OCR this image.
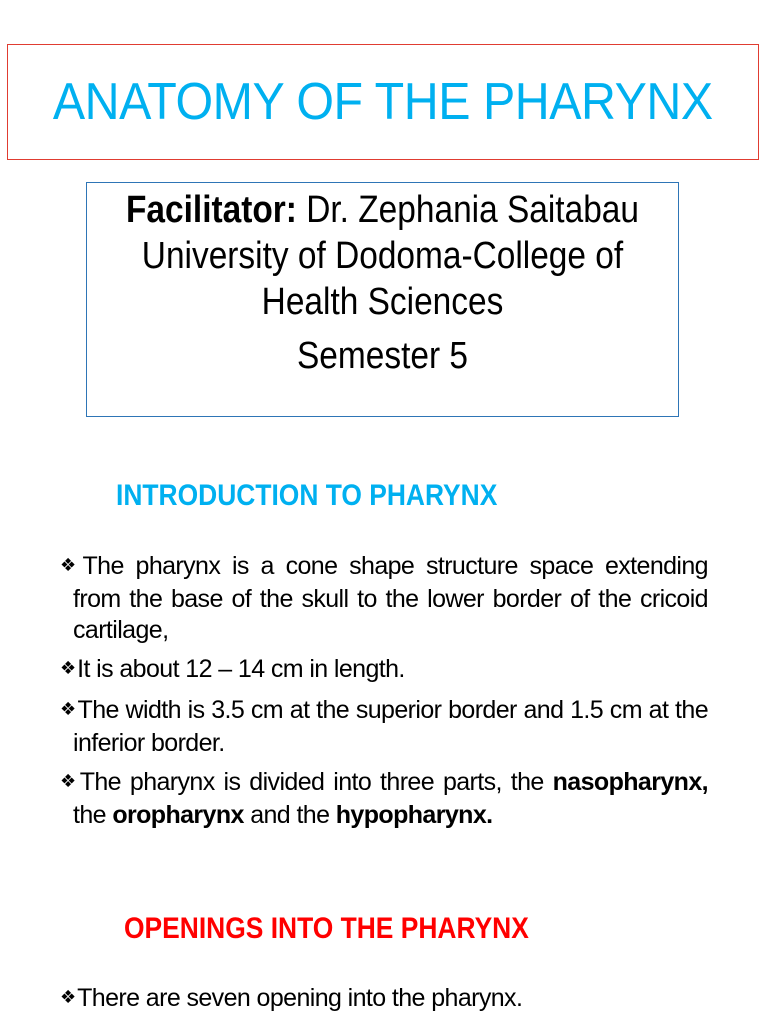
ANATOMY OF THE PHARYNX
Facilitator: Dr. Zephania Saitabau
University of Dodoma-College of
Health Sciences
Semester 5
INTRODUCTION TO PHARYNX
❖The pharynx is a cone shape structure space extending from the base of the skull to the lower border of the cricoid cartilage,
❖It is about 12 – 14 cm in length.
❖The width is 3.5 cm at the superior border and 1.5 cm at the inferior border.
❖The pharynx is divided into three parts, the nasopharynx, the oropharynx and the hypopharynx.
OPENINGS INTO THE PHARYNX
❖There are seven opening into the pharynx.
